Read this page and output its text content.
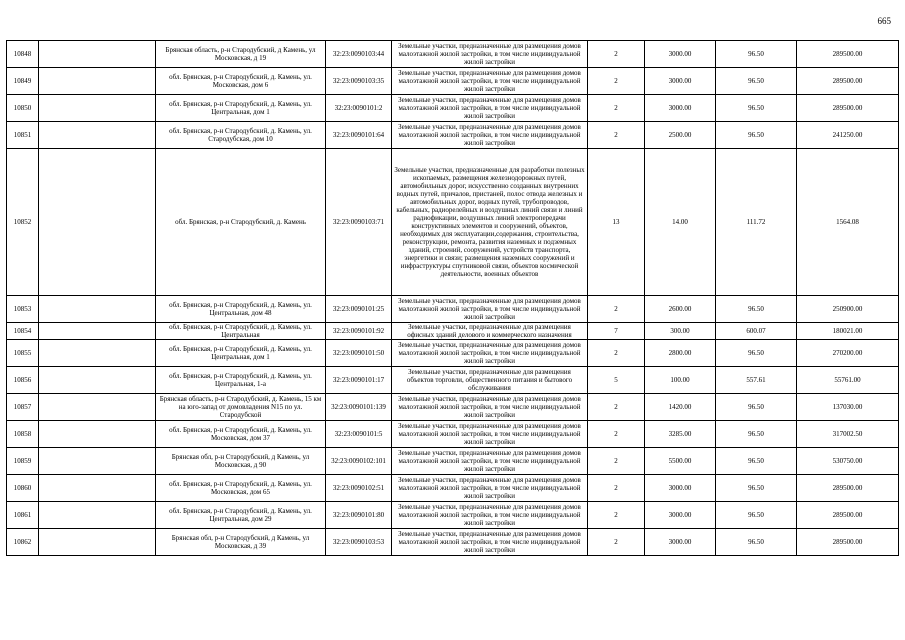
665
10848		Брянская область, р-н Стародубский, д Камень, ул Московская, д 19	32:23:0090103:44	Земельные участки, предназначенные для размещения домов малоэтажной жилой застройки, в том числе индивидуальной жилой застройки	2	3000.00	96.50	289500.00
10849		обл. Брянская, р-н Стародубский, д. Камень, ул. Московская, дом 6	32:23:0090103:35	Земельные участки, предназначенные для размещения домов малоэтажной жилой застройки, в том числе индивидуальной жилой застройки	2	3000.00	96.50	289500.00
10850		обл. Брянская, р-н Стародубский, д. Камень, ул. Центральная, дом 1	32:23:0090101:2	Земельные участки, предназначенные для размещения домов малоэтажной жилой застройки, в том числе индивидуальной жилой застройки	2	3000.00	96.50	289500.00
10851		обл. Брянская, р-н Стародубский, д. Камень, ул. Стародубская, дом 10	32:23:0090101:64	Земельные участки, предназначенные для размещения домов малоэтажной жилой застройки, в том числе индивидуальной жилой застройки	2	2500.00	96.50	241250.00
10852		обл. Брянская, р-н Стародубский, д. Камень	32:23:0090103:71	Земельные участки, предназначенные для разработки полезных ископаемых, размещения железнодорожных путей, автомобильных дорог, искусственно созданных внутренних водных путей, причалов, пристаней, полос отвода железных и автомобильных дорог, водных путей, трубопроводов, кабельных, радиорелейных и воздушных линий связи и линий радиофикации, воздушных линий электропередачи конструктивных элементов и сооружений, объектов, необходимых для эксплуатации,содержания, строительства, реконструкции, ремонта, развития наземных и подземных зданий, строений, сооружений, устройств транспорта, энергетики и связи; размещения наземных сооружений и инфраструктуры спутниковой связи, объектов космической деятельности, военных объектов	13	14.00	111.72	1564.08
10853		обл. Брянская, р-н Стародубский, д. Камень, ул. Центральная, дом 48	32:23:0090101:25	Земельные участки, предназначенные для размещения домов малоэтажной жилой застройки, в том числе индивидуальной жилой застройки	2	2600.00	96.50	250900.00
10854		обл. Брянская, р-н Стародубский, д. Камень, ул. Центральная	32:23:0090101:92	Земельные участки, предназначенные для размещения офисных зданий делового и коммерческого назначения	7	300.00	600.07	180021.00
10855		обл. Брянская, р-н Стародубский, д. Камень, ул. Центральная, дом 1	32:23:0090101:50	Земельные участки, предназначенные для размещения домов малоэтажной жилой застройки, в том числе индивидуальной жилой застройки	2	2800.00	96.50	270200.00
10856		обл. Брянская, р-н Стародубский, д. Камень, ул. Центральная, 1-а	32:23:0090101:17	Земельные участки, предназначенные для размещения объектов торговли, общественного питания и бытового обслуживания	5	100.00	557.61	55761.00
10857		Брянская область, р-н Стародубский, д. Камень, 15 км на юго-запад от домовладения N15 по ул. Стародубской	32:23:0090101:139	Земельные участки, предназначенные для размещения домов малоэтажной жилой застройки, в том числе индивидуальной жилой застройки	2	1420.00	96.50	137030.00
10858		обл. Брянская, р-н Стародубский, д. Камень, ул. Московская, дом 37	32:23:0090101:5	Земельные участки, предназначенные для размещения домов малоэтажной жилой застройки, в том числе индивидуальной жилой застройки	2	3285.00	96.50	317002.50
10859		Брянская обл, р-н Стародубский, д Камень, ул Московская, д 90	32:23:0090102:101	Земельные участки, предназначенные для размещения домов малоэтажной жилой застройки, в том числе индивидуальной жилой застройки	2	5500.00	96.50	530750.00
10860		обл. Брянская, р-н Стародубский, д. Камень, ул. Московская, дом 65	32:23:0090102:51	Земельные участки, предназначенные для размещения домов малоэтажной жилой застройки, в том числе индивидуальной жилой застройки	2	3000.00	96.50	289500.00
10861		обл. Брянская, р-н Стародубский, д. Камень, ул. Центральная, дом 29	32:23:0090101:80	Земельные участки, предназначенные для размещения домов малоэтажной жилой застройки, в том числе индивидуальной жилой застройки	2	3000.00	96.50	289500.00
10862		Брянская обл, р-н Стародубский, д Камень, ул Московская, д 39	32:23:0090103:53	Земельные участки, предназначенные для размещения домов малоэтажной жилой застройки, в том числе индивидуальной жилой застройки	2	3000.00	96.50	289500.00
